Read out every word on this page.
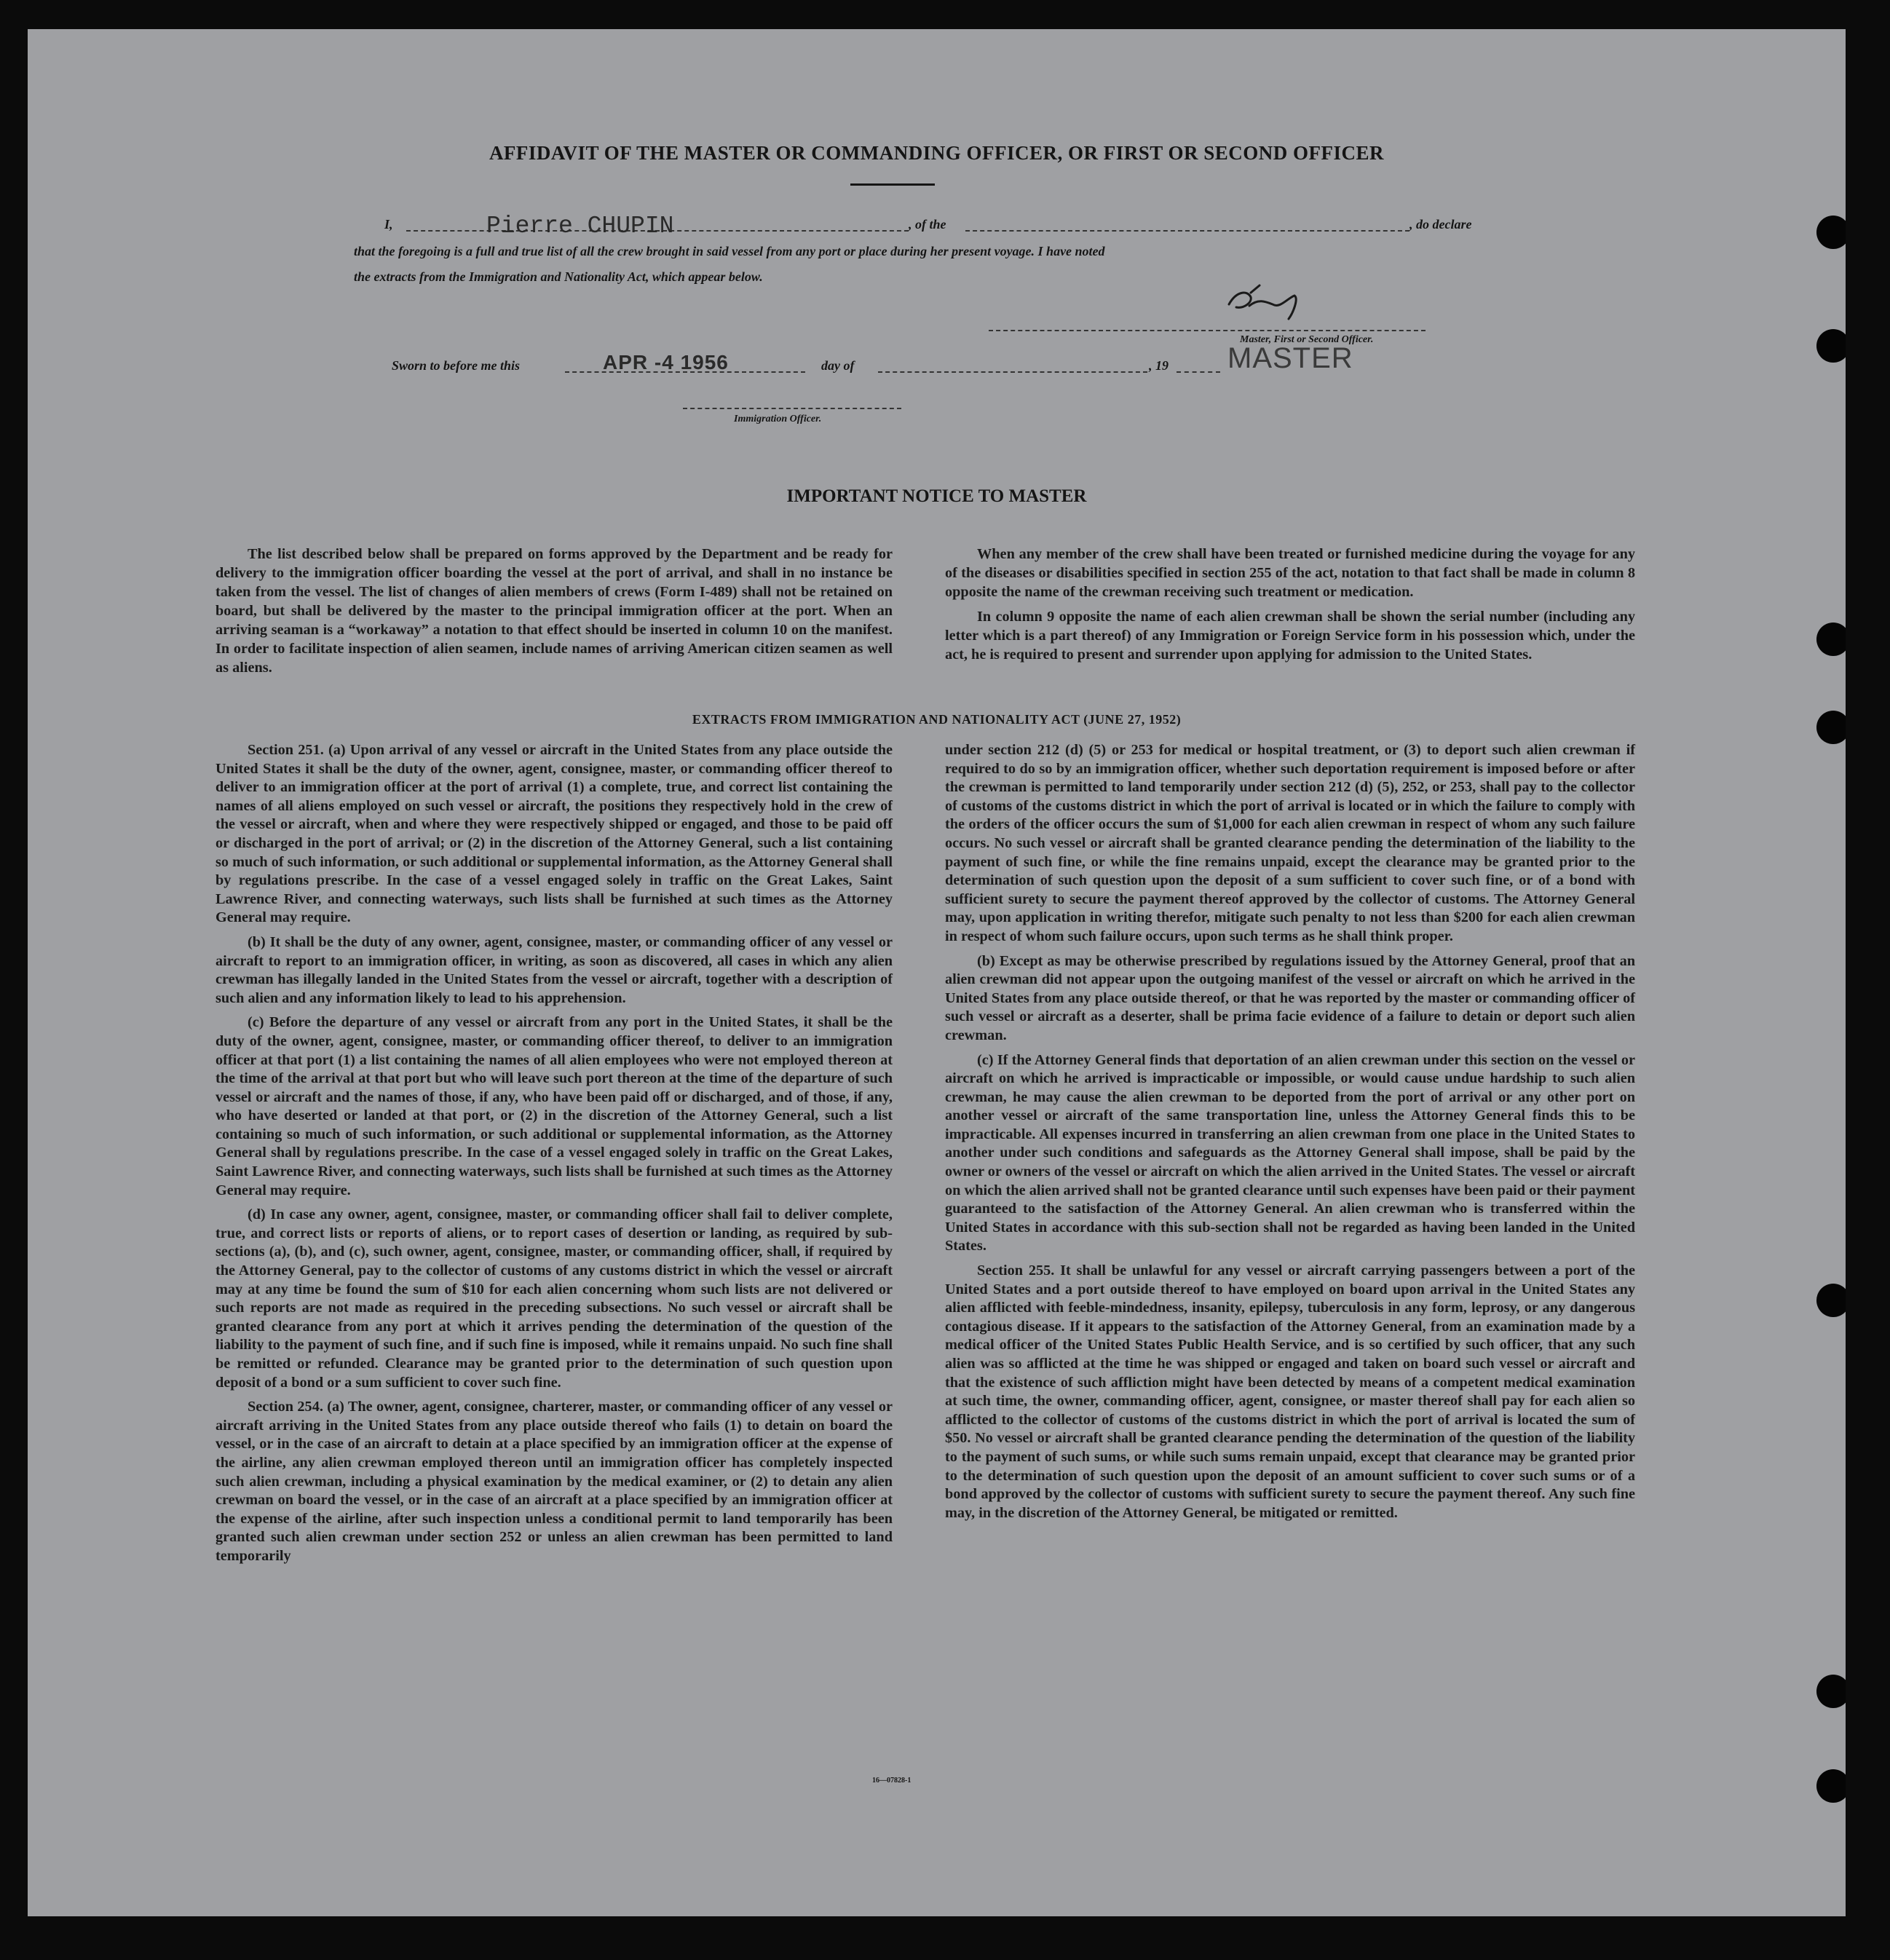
AFFIDAVIT OF THE MASTER OR COMMANDING OFFICER, OR FIRST OR SECOND OFFICER
I,	Pierre CHUPIN	, of the	, do declare
that the foregoing is a full and true list of all the crew brought in said vessel from any port or place during her present voyage. I have noted
the extracts from the Immigration and Nationality Act, which appear below.
Master, First or Second Officer.
MASTER
Sworn to before me this	APR -4 1956	day of	, 19
Immigration Officer.
IMPORTANT NOTICE TO MASTER

The list described below shall be prepared on forms approved by the Department and be ready for delivery to the immigration officer boarding the vessel at the port of arrival, and shall in no instance be taken from the vessel. The list of changes of alien members of crews (Form I-489) shall not be retained on board, but shall be delivered by the master to the principal immigration officer at the port. When an arriving seaman is a “workaway” a notation to that effect should be inserted in column 10 on the manifest. In order to facilitate inspection of alien seamen, include names of arriving American citizen seamen as well as aliens.

When any member of the crew shall have been treated or furnished medicine during the voyage for any of the diseases or disabilities specified in section 255 of the act, notation to that fact shall be made in column 8 opposite the name of the crewman receiving such treatment or medication.

In column 9 opposite the name of each alien crewman shall be shown the serial number (including any letter which is a part thereof) of any Immigration or Foreign Service form in his possession which, under the act, he is required to present and surrender upon applying for admission to the United States.

EXTRACTS FROM IMMIGRATION AND NATIONALITY ACT (JUNE 27, 1952)

Section 251. (a) Upon arrival of any vessel or aircraft in the United States from any place outside the United States it shall be the duty of the owner, agent, consignee, master, or commanding officer thereof to deliver to an immigration officer at the port of arrival (1) a complete, true, and correct list containing the names of all aliens employed on such vessel or aircraft, the positions they respectively hold in the crew of the vessel or aircraft, when and where they were respectively shipped or engaged, and those to be paid off or discharged in the port of arrival; or (2) in the discretion of the Attorney General, such a list containing so much of such information, or such additional or supplemental information, as the Attorney General shall by regulations prescribe. In the case of a vessel engaged solely in traffic on the Great Lakes, Saint Lawrence River, and connecting waterways, such lists shall be furnished at such times as the Attorney General may require.

(b) It shall be the duty of any owner, agent, consignee, master, or commanding officer of any vessel or aircraft to report to an immigration officer, in writing, as soon as discovered, all cases in which any alien crewman has illegally landed in the United States from the vessel or aircraft, together with a description of such alien and any information likely to lead to his apprehension.

(c) Before the departure of any vessel or aircraft from any port in the United States, it shall be the duty of the owner, agent, consignee, master, or commanding officer thereof, to deliver to an immigration officer at that port (1) a list containing the names of all alien employees who were not employed thereon at the time of the arrival at that port but who will leave such port thereon at the time of the departure of such vessel or aircraft and the names of those, if any, who have been paid off or discharged, and of those, if any, who have deserted or landed at that port, or (2) in the discretion of the Attorney General, such a list containing so much of such information, or such additional or supplemental information, as the Attorney General shall by regulations prescribe. In the case of a vessel engaged solely in traffic on the Great Lakes, Saint Lawrence River, and connecting waterways, such lists shall be furnished at such times as the Attorney General may require.

(d) In case any owner, agent, consignee, master, or commanding officer shall fail to deliver complete, true, and correct lists or reports of aliens, or to report cases of desertion or landing, as required by sub-sections (a), (b), and (c), such owner, agent, consignee, master, or commanding officer, shall, if required by the Attorney General, pay to the collector of customs of any customs district in which the vessel or aircraft may at any time be found the sum of $10 for each alien concerning whom such lists are not delivered or such reports are not made as required in the preceding subsections. No such vessel or aircraft shall be granted clearance from any port at which it arrives pending the determination of the question of the liability to the payment of such fine, and if such fine is imposed, while it remains unpaid. No such fine shall be remitted or refunded. Clearance may be granted prior to the determination of such question upon deposit of a bond or a sum sufficient to cover such fine.

Section 254. (a) The owner, agent, consignee, charterer, master, or commanding officer of any vessel or aircraft arriving in the United States from any place outside thereof who fails (1) to detain on board the vessel, or in the case of an aircraft to detain at a place specified by an immigration officer at the expense of the airline, any alien crewman employed thereon until an immigration officer has completely inspected such alien crewman, including a physical examination by the medical examiner, or (2) to detain any alien crewman on board the vessel, or in the case of an aircraft at a place specified by an immigration officer at the expense of the airline, after such inspection unless a conditional permit to land temporarily has been granted such alien crewman under section 252 or unless an alien crewman has been permitted to land temporarily

under section 212 (d) (5) or 253 for medical or hospital treatment, or (3) to deport such alien crewman if required to do so by an immigration officer, whether such deportation requirement is imposed before or after the crewman is permitted to land temporarily under section 212 (d) (5), 252, or 253, shall pay to the collector of customs of the customs district in which the port of arrival is located or in which the failure to comply with the orders of the officer occurs the sum of $1,000 for each alien crewman in respect of whom any such failure occurs. No such vessel or aircraft shall be granted clearance pending the determination of the liability to the payment of such fine, or while the fine remains unpaid, except the clearance may be granted prior to the determination of such question upon the deposit of a sum sufficient to cover such fine, or of a bond with sufficient surety to secure the payment thereof approved by the collector of customs. The Attorney General may, upon application in writing therefor, mitigate such penalty to not less than $200 for each alien crewman in respect of whom such failure occurs, upon such terms as he shall think proper.

(b) Except as may be otherwise prescribed by regulations issued by the Attorney General, proof that an alien crewman did not appear upon the outgoing manifest of the vessel or aircraft on which he arrived in the United States from any place outside thereof, or that he was reported by the master or commanding officer of such vessel or aircraft as a deserter, shall be prima facie evidence of a failure to detain or deport such alien crewman.

(c) If the Attorney General finds that deportation of an alien crewman under this section on the vessel or aircraft on which he arrived is impracticable or impossible, or would cause undue hardship to such alien crewman, he may cause the alien crewman to be deported from the port of arrival or any other port on another vessel or aircraft of the same transportation line, unless the Attorney General finds this to be impracticable. All expenses incurred in transferring an alien crewman from one place in the United States to another under such conditions and safeguards as the Attorney General shall impose, shall be paid by the owner or owners of the vessel or aircraft on which the alien arrived in the United States. The vessel or aircraft on which the alien arrived shall not be granted clearance until such expenses have been paid or their payment guaranteed to the satisfaction of the Attorney General. An alien crewman who is transferred within the United States in accordance with this sub-section shall not be regarded as having been landed in the United States.

Section 255. It shall be unlawful for any vessel or aircraft carrying passengers between a port of the United States and a port outside thereof to have employed on board upon arrival in the United States any alien afflicted with feeble-mindedness, insanity, epilepsy, tuberculosis in any form, leprosy, or any dangerous contagious disease. If it appears to the satisfaction of the Attorney General, from an examination made by a medical officer of the United States Public Health Service, and is so certified by such officer, that any such alien was so afflicted at the time he was shipped or engaged and taken on board such vessel or aircraft and that the existence of such affliction might have been detected by means of a competent medical examination at such time, the owner, commanding officer, agent, consignee, or master thereof shall pay for each alien so afflicted to the collector of customs of the customs district in which the port of arrival is located the sum of $50. No vessel or aircraft shall be granted clearance pending the determination of the question of the liability to the payment of such sums, or while such sums remain unpaid, except that clearance may be granted prior to the determination of such question upon the deposit of an amount sufficient to cover such sums or of a bond approved by the collector of customs with sufficient surety to secure the payment thereof. Any such fine may, in the discretion of the Attorney General, be mitigated or remitted.

16—07828-1
